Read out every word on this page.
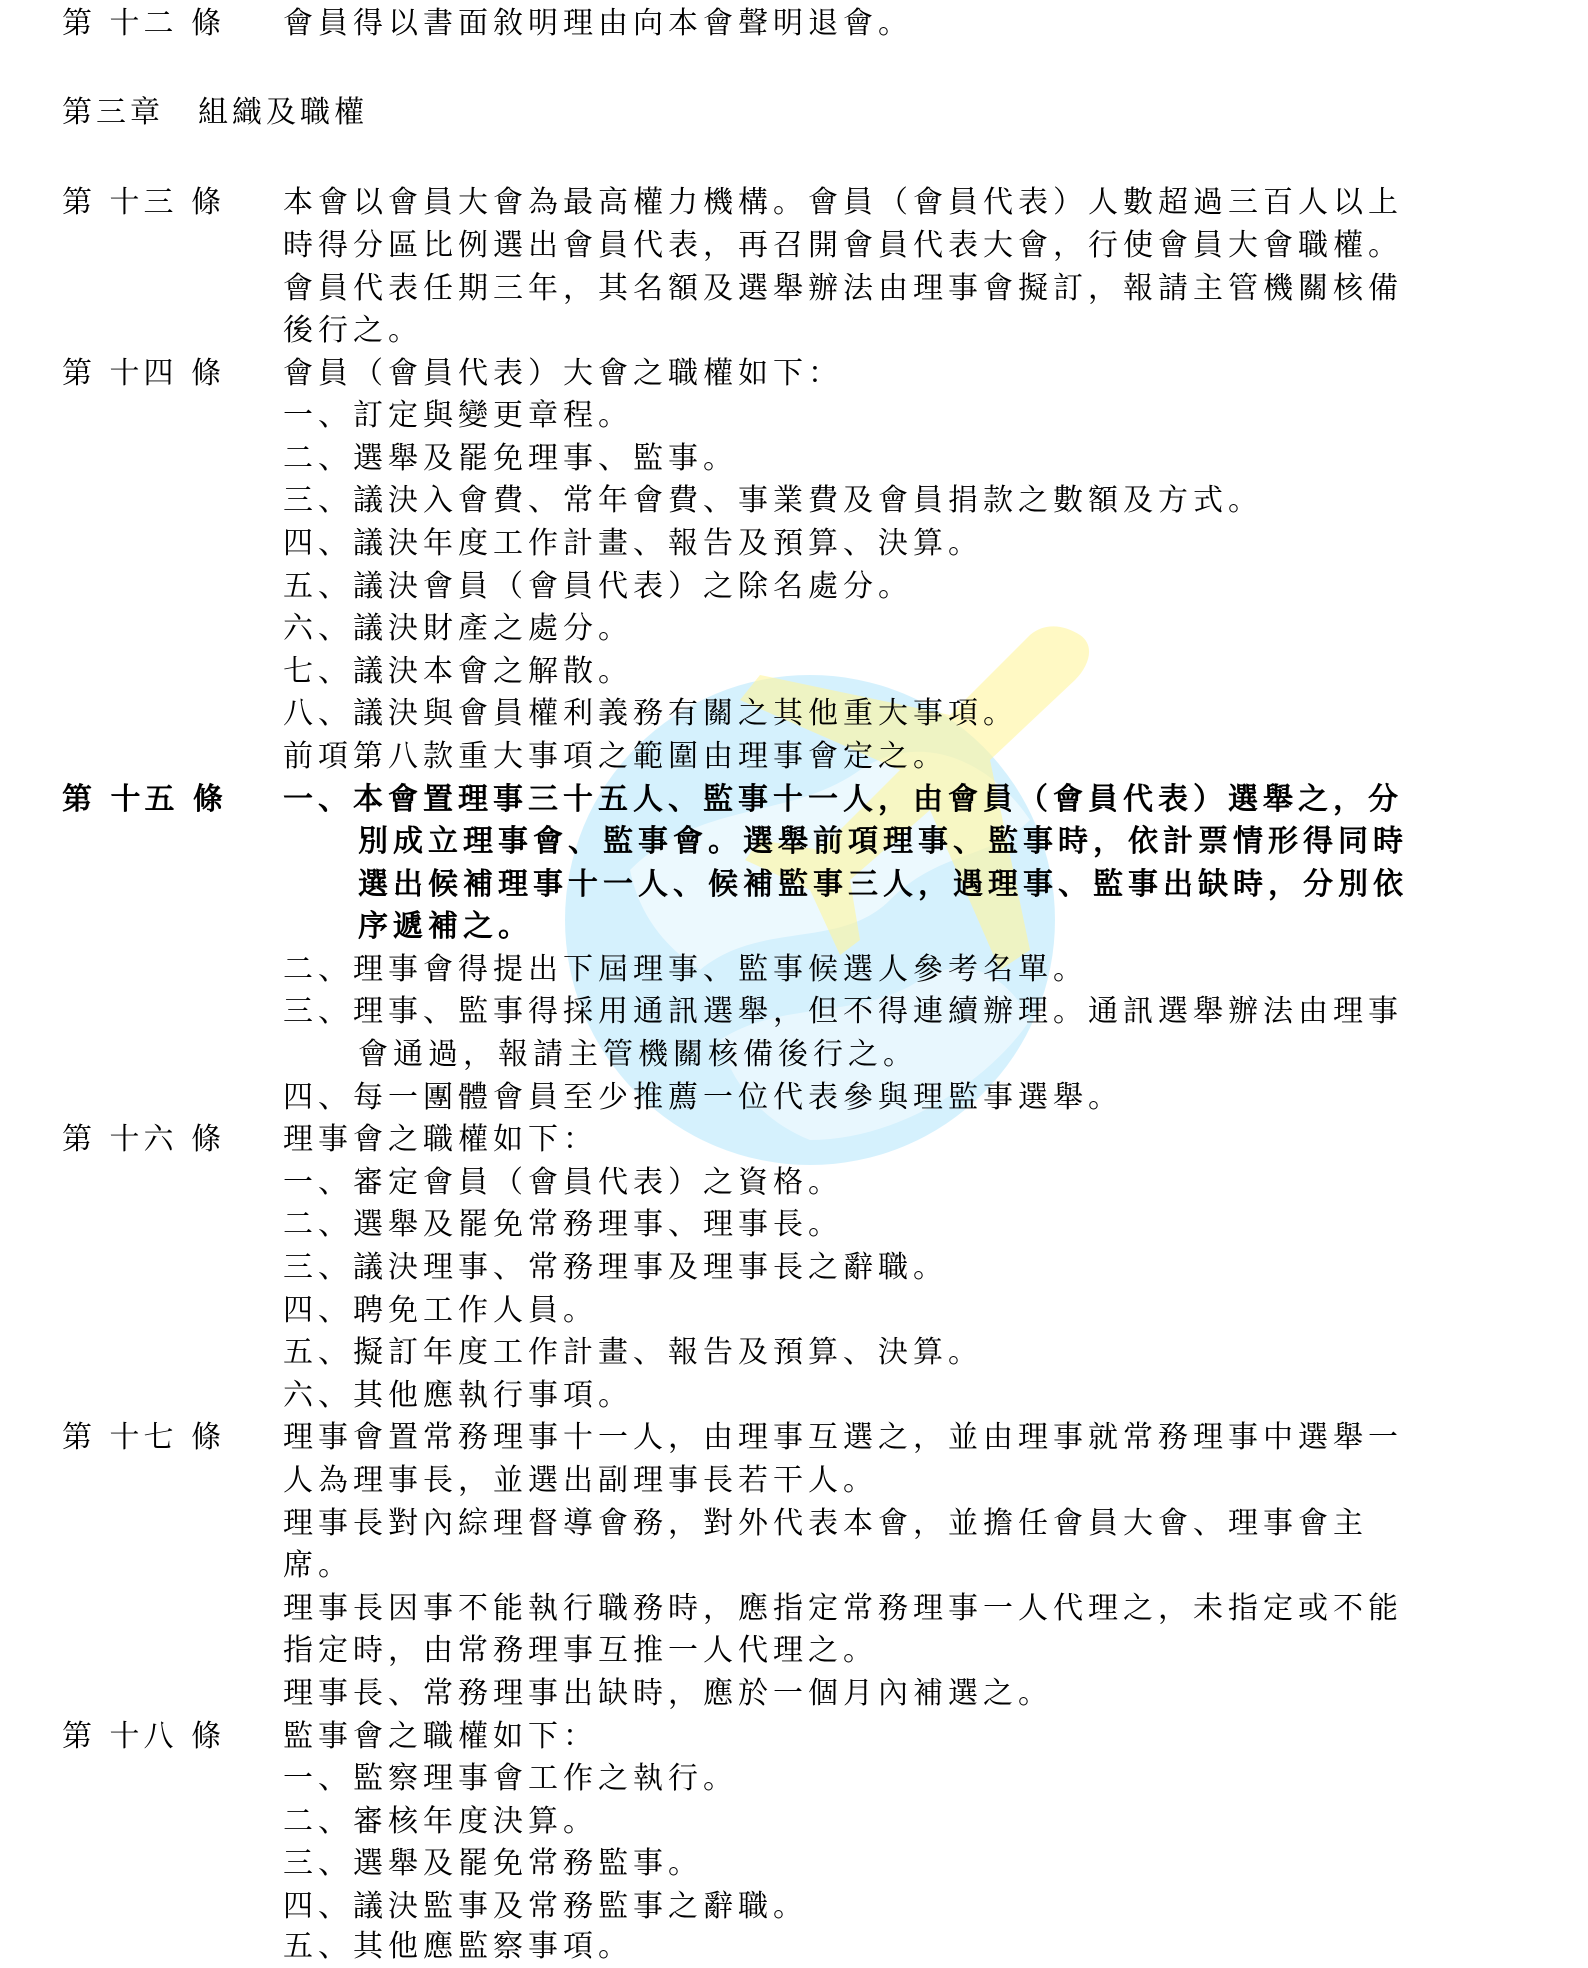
第 十二 條 會員得以書面敘明理由向本會聲明退會。
第三章　組織及職權
第 十三 條 本會以會員大會為最高權力機構。會員（會員代表）人數超過三百人以上
時得分區比例選出會員代表，再召開會員代表大會，行使會員大會職權。
會員代表任期三年，其名額及選舉辦法由理事會擬訂，報請主管機關核備
後行之。
第 十四 條 會員（會員代表）大會之職權如下：
一、訂定與變更章程。
二、選舉及罷免理事、監事。
三、議決入會費、常年會費、事業費及會員捐款之數額及方式。
四、議決年度工作計畫、報告及預算、決算。
五、議決會員（會員代表）之除名處分。
六、議決財產之處分。
七、議決本會之解散。
八、議決與會員權利義務有關之其他重大事項。
前項第八款重大事項之範圍由理事會定之。
第 十五 條 一、本會置理事三十五人、監事十一人，由會員（會員代表）選舉之，分
別成立理事會、監事會。選舉前項理事、監事時，依計票情形得同時
選出候補理事十一人、候補監事三人，遇理事、監事出缺時，分別依
序遞補之。
二、理事會得提出下屆理事、監事候選人參考名單。
三、理事、監事得採用通訊選舉，但不得連續辦理。通訊選舉辦法由理事
會通過，報請主管機關核備後行之。
四、每一團體會員至少推薦一位代表參與理監事選舉。
第 十六 條 理事會之職權如下：
一、審定會員（會員代表）之資格。
二、選舉及罷免常務理事、理事長。
三、議決理事、常務理事及理事長之辭職。
四、聘免工作人員。
五、擬訂年度工作計畫、報告及預算、決算。
六、其他應執行事項。
第 十七 條 理事會置常務理事十一人，由理事互選之，並由理事就常務理事中選舉一
人為理事長，並選出副理事長若干人。
理事長對內綜理督導會務，對外代表本會，並擔任會員大會、理事會主
席。
理事長因事不能執行職務時，應指定常務理事一人代理之，未指定或不能
指定時，由常務理事互推一人代理之。
理事長、常務理事出缺時，應於一個月內補選之。
第 十八 條 監事會之職權如下：
一、監察理事會工作之執行。
二、審核年度決算。
三、選舉及罷免常務監事。
四、議決監事及常務監事之辭職。
五、其他應監察事項。
